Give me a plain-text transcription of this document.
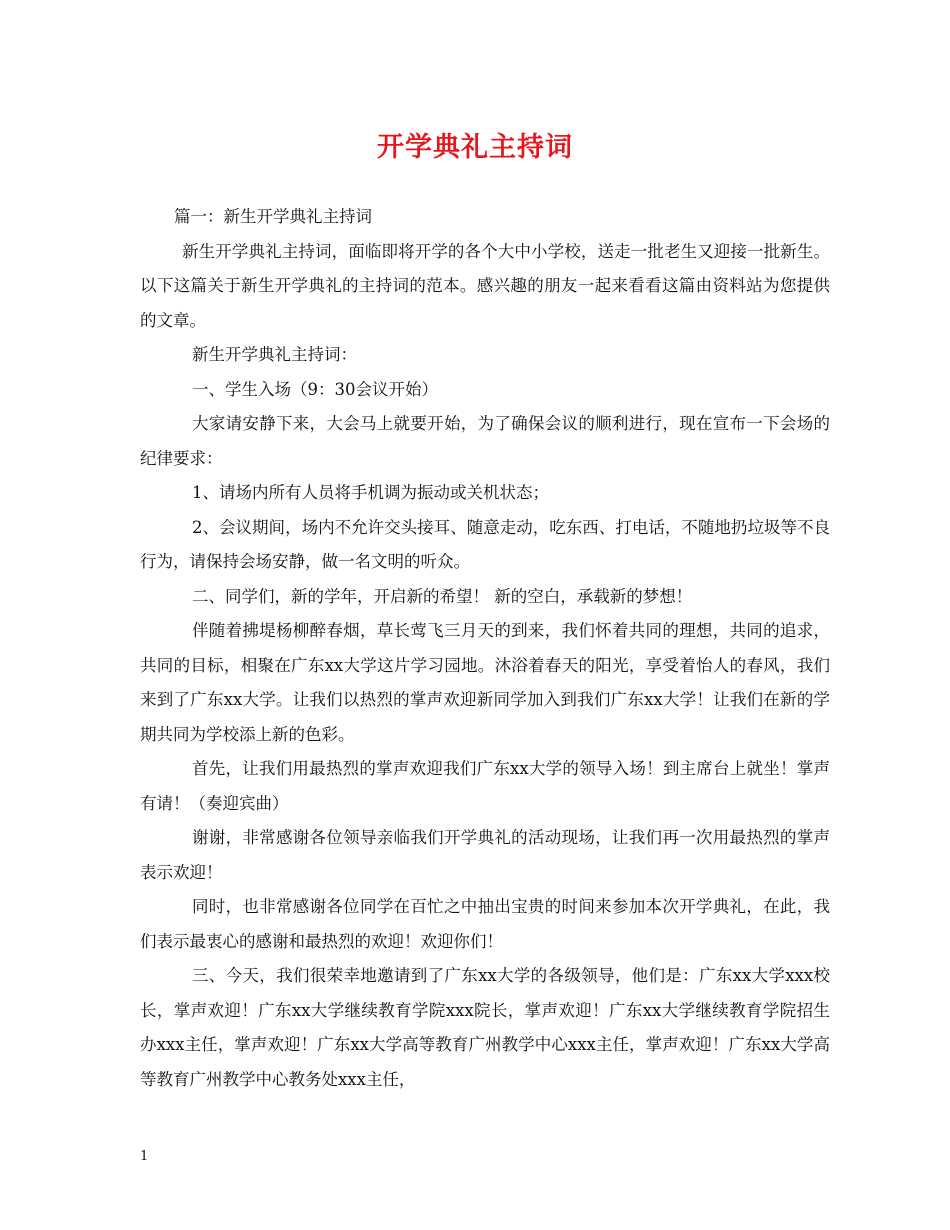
开学典礼主持词

篇一：新生开学典礼主持词

新生开学典礼主持词，面临即将开学的各个大中小学校，送走一批老生又迎接一批新生。以下这篇关于新生开学典礼的主持词的范本。感兴趣的朋友一起来看看这篇由资料站为您提供的文章。

新生开学典礼主持词：

一、学生入场（9：30会议开始）

大家请安静下来，大会马上就要开始，为了确保会议的顺利进行，现在宣布一下会场的纪律要求：

1、请场内所有人员将手机调为振动或关机状态；

2、会议期间，场内不允许交头接耳、随意走动，吃东西、打电话，不随地扔垃圾等不良行为，请保持会场安静，做一名文明的听众。

二、同学们，新的学年，开启新的希望！ 新的空白，承载新的梦想！

伴随着拂堤杨柳醉春烟，草长莺飞三月天的到来，我们怀着共同的理想，共同的追求，共同的目标，相聚在广东xx大学这片学习园地。沐浴着春天的阳光，享受着怡人的春风，我们来到了广东xx大学。让我们以热烈的掌声欢迎新同学加入到我们广东xx大学！让我们在新的学期共同为学校添上新的色彩。

首先，让我们用最热烈的掌声欢迎我们广东xx大学的领导入场！到主席台上就坐！掌声有请！（奏迎宾曲）

谢谢，非常感谢各位领导亲临我们开学典礼的活动现场，让我们再一次用最热烈的掌声表示欢迎！

同时，也非常感谢各位同学在百忙之中抽出宝贵的时间来参加本次开学典礼，在此，我们表示最衷心的感谢和最热烈的欢迎！欢迎你们！

三、今天，我们很荣幸地邀请到了广东xx大学的各级领导，他们是：广东xx大学xxx校长，掌声欢迎！广东xx大学继续教育学院xxx院长，掌声欢迎！广东xx大学继续教育学院招生办xxx主任，掌声欢迎！广东xx大学高等教育广州教学中心xxx主任，掌声欢迎！广东xx大学高等教育广州教学中心教务处xxx主任，

1
